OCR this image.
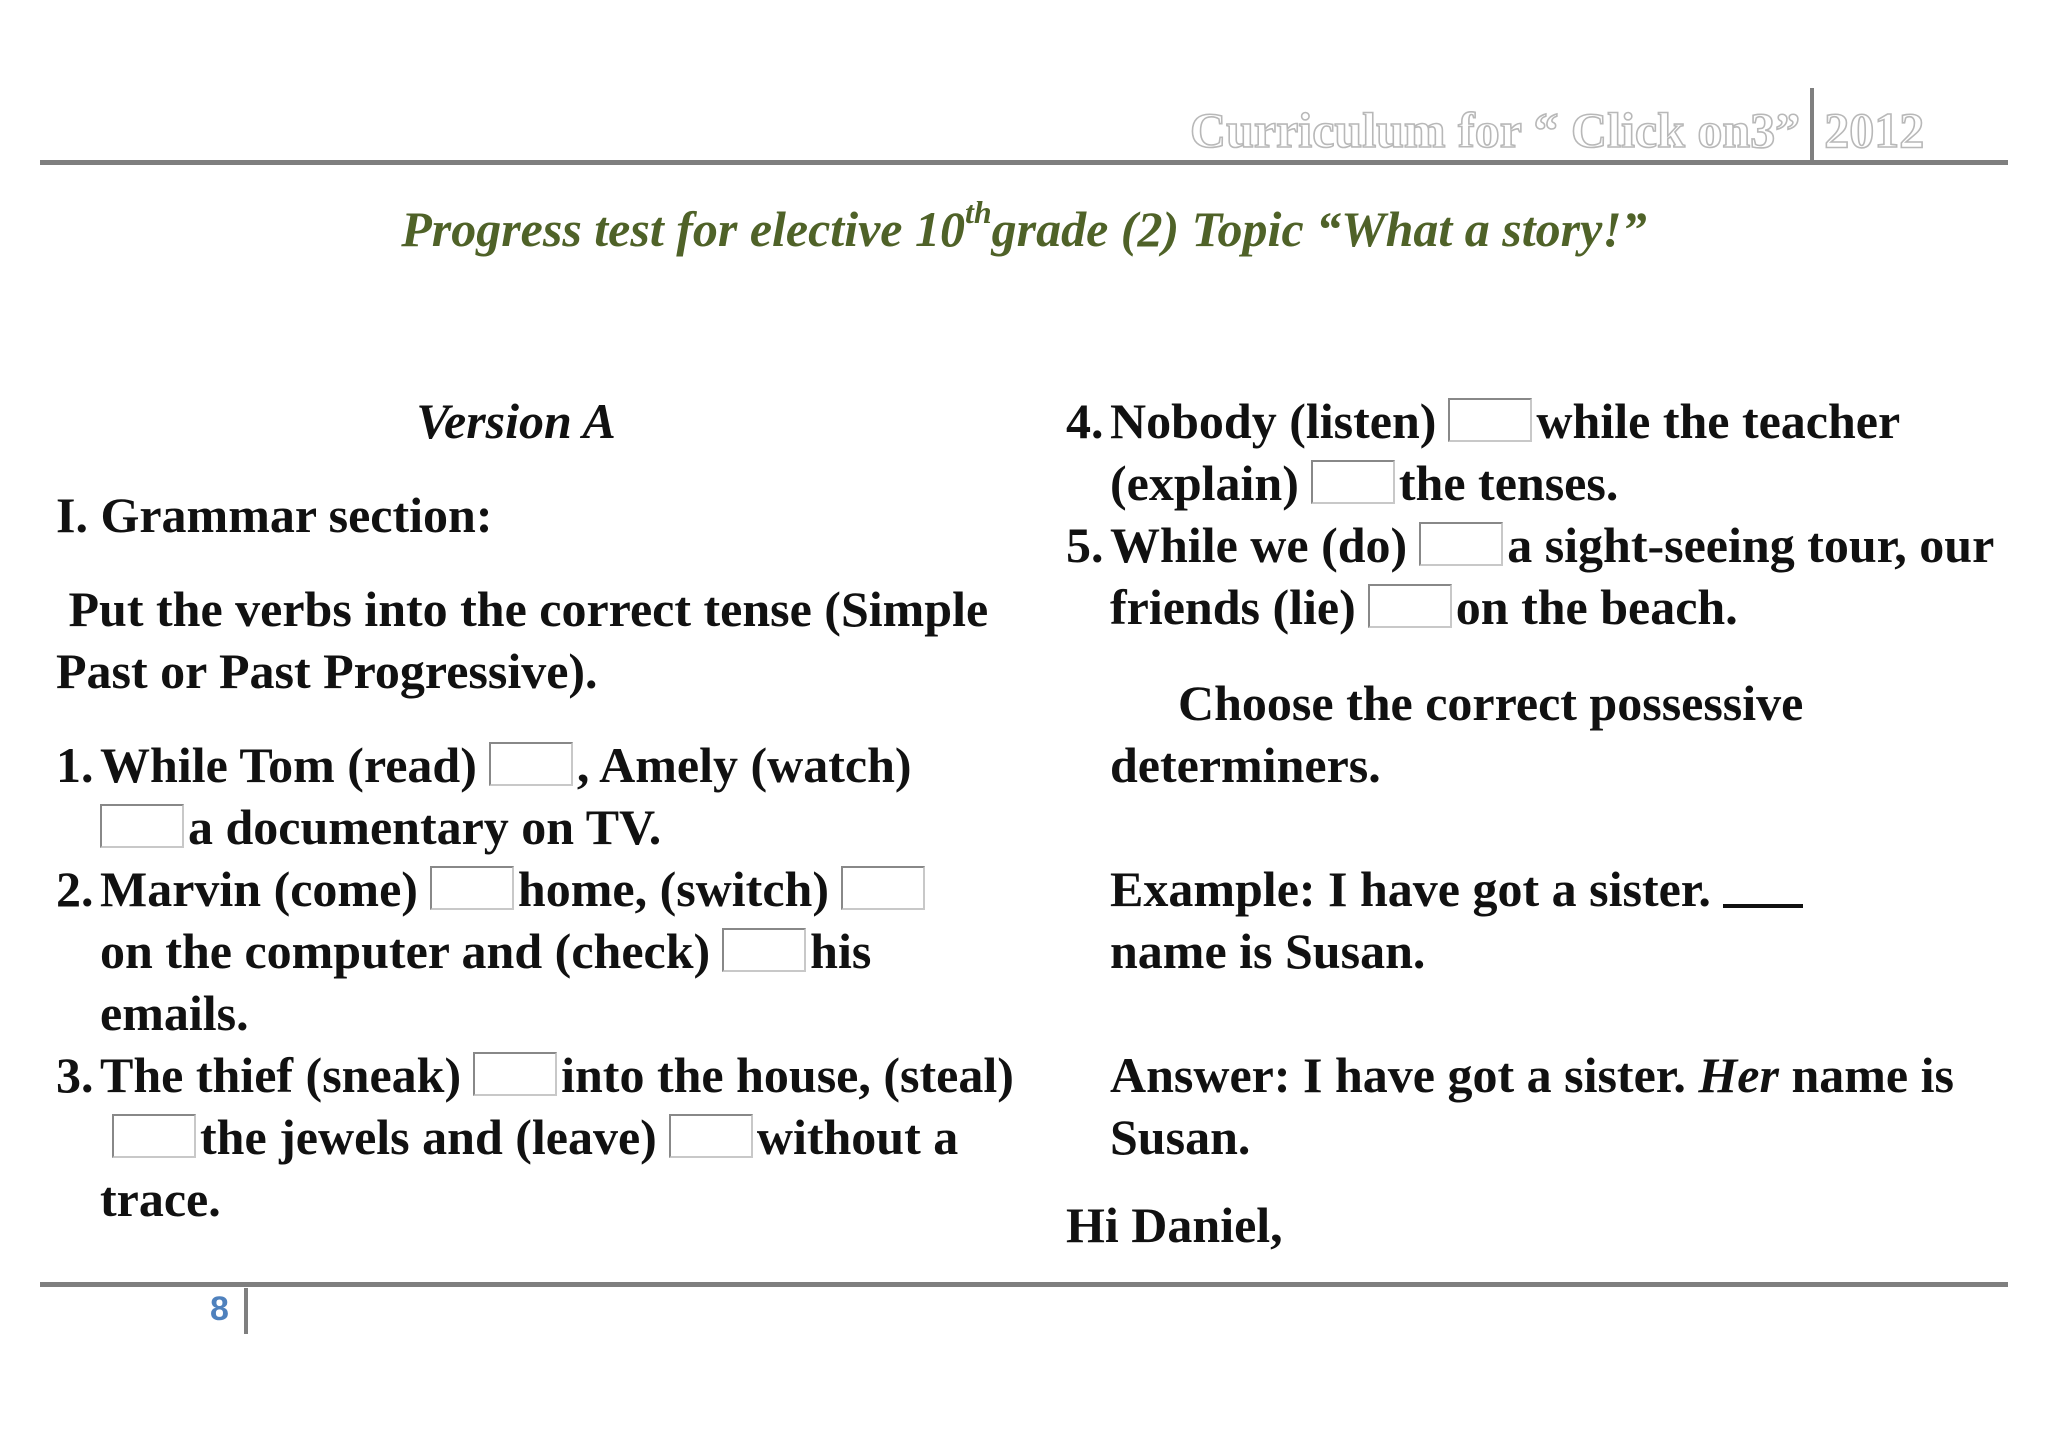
Curriculum for “ Click on3” 2012
Progress test for elective 10thgrade (2) Topic “What a story!”
Version A
I. Grammar section:
Put the verbs into the correct tense (Simple Past or Past Progressive).
1. While Tom (read) , Amely (watch)
a documentary on TV.
2. Marvin (come) home, (switch)
on the computer and (check) his emails.
3. The thief (sneak) into the house, (steal)the jewels and (leave) without a trace.
4. Nobody (listen) while the teacher (explain) the tenses.
5. While we (do) a sight-seeing tour, our friends (lie) on the beach.
Choose the correct possessive
determiners.
Example: I have got a sister.
name is Susan.
Answer: I have got a sister. Her name is Susan.
Hi Daniel,
8
